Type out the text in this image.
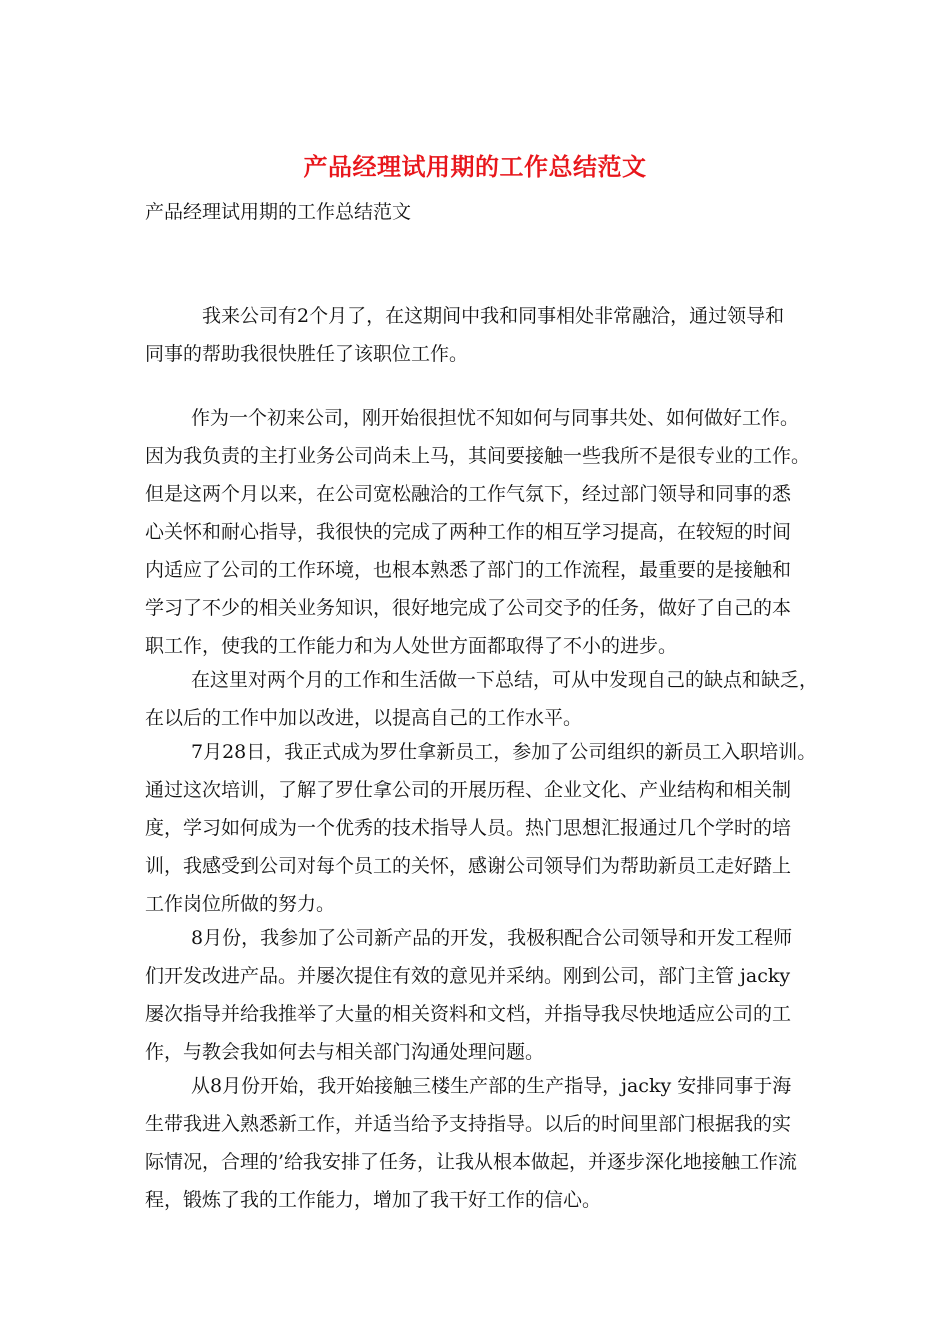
产品经理试用期的工作总结范文

产品经理试用期的工作总结范文

我来公司有2个月了，在这期间中我和同事相处非常融洽，通过领导和

同事的帮助我很快胜任了该职位工作。

作为一个初来公司，刚开始很担忧不知如何与同事共处、如何做好工作。

因为我负责的主打业务公司尚未上马，其间要接触一些我所不是很专业的工作。

但是这两个月以来，在公司宽松融洽的工作气氛下，经过部门领导和同事的悉

心关怀和耐心指导，我很快的完成了两种工作的相互学习提高，在较短的时间

内适应了公司的工作环境，也根本熟悉了部门的工作流程，最重要的是接触和

学习了不少的相关业务知识，很好地完成了公司交予的任务，做好了自己的本

职工作，使我的工作能力和为人处世方面都取得了不小的进步。

在这里对两个月的工作和生活做一下总结，可从中发现自己的缺点和缺乏，

在以后的工作中加以改进，以提高自己的工作水平。

7月28日，我正式成为罗仕拿新员工，参加了公司组织的新员工入职培训。

通过这次培训，了解了罗仕拿公司的开展历程、企业文化、产业结构和相关制

度，学习如何成为一个优秀的技术指导人员。热门思想汇报通过几个学时的培

训，我感受到公司对每个员工的关怀，感谢公司领导们为帮助新员工走好踏上

工作岗位所做的努力。

8月份，我参加了公司新产品的开发，我极积配合公司领导和开发工程师

们开发改进产品。并屡次提住有效的意见并采纳。刚到公司，部门主管 jacky

屡次指导并给我推举了大量的相关资料和文档，并指导我尽快地适应公司的工

作，与教会我如何去与相关部门沟通处理问题。

从8月份开始，我开始接触三楼生产部的生产指导，jacky 安排同事于海

生带我进入熟悉新工作，并适当给予支持指导。以后的时间里部门根据我的实

际情况，合理的’给我安排了任务，让我从根本做起，并逐步深化地接触工作流

程，锻炼了我的工作能力，增加了我干好工作的信心。
